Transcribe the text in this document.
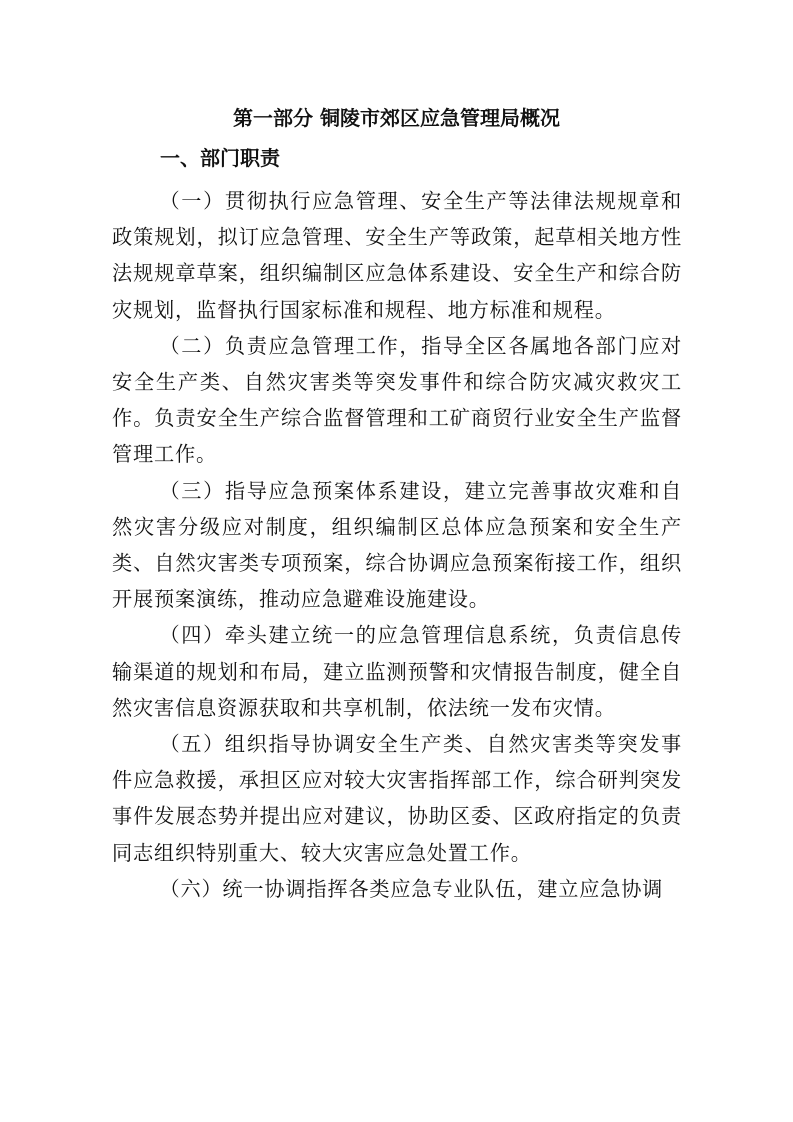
第一部分 铜陵市郊区应急管理局概况
一、部门职责

（一）贯彻执行应急管理、安全生产等法律法规规章和政策规划，拟订应急管理、安全生产等政策，起草相关地方性法规规章草案，组织编制区应急体系建设、安全生产和综合防灾规划，监督执行国家标准和规程、地方标准和规程。

（二）负责应急管理工作，指导全区各属地各部门应对安全生产类、自然灾害类等突发事件和综合防灾减灾救灾工作。负责安全生产综合监督管理和工矿商贸行业安全生产监督管理工作。

（三）指导应急预案体系建设，建立完善事故灾难和自然灾害分级应对制度，组织编制区总体应急预案和安全生产类、自然灾害类专项预案，综合协调应急预案衔接工作，组织开展预案演练，推动应急避难设施建设。

（四）牵头建立统一的应急管理信息系统，负责信息传输渠道的规划和布局，建立监测预警和灾情报告制度，健全自然灾害信息资源获取和共享机制，依法统一发布灾情。

（五）组织指导协调安全生产类、自然灾害类等突发事件应急救援，承担区应对较大灾害指挥部工作，综合研判突发事件发展态势并提出应对建议，协助区委、区政府指定的负责同志组织特别重大、较大灾害应急处置工作。

（六）统一协调指挥各类应急专业队伍，建立应急协调
